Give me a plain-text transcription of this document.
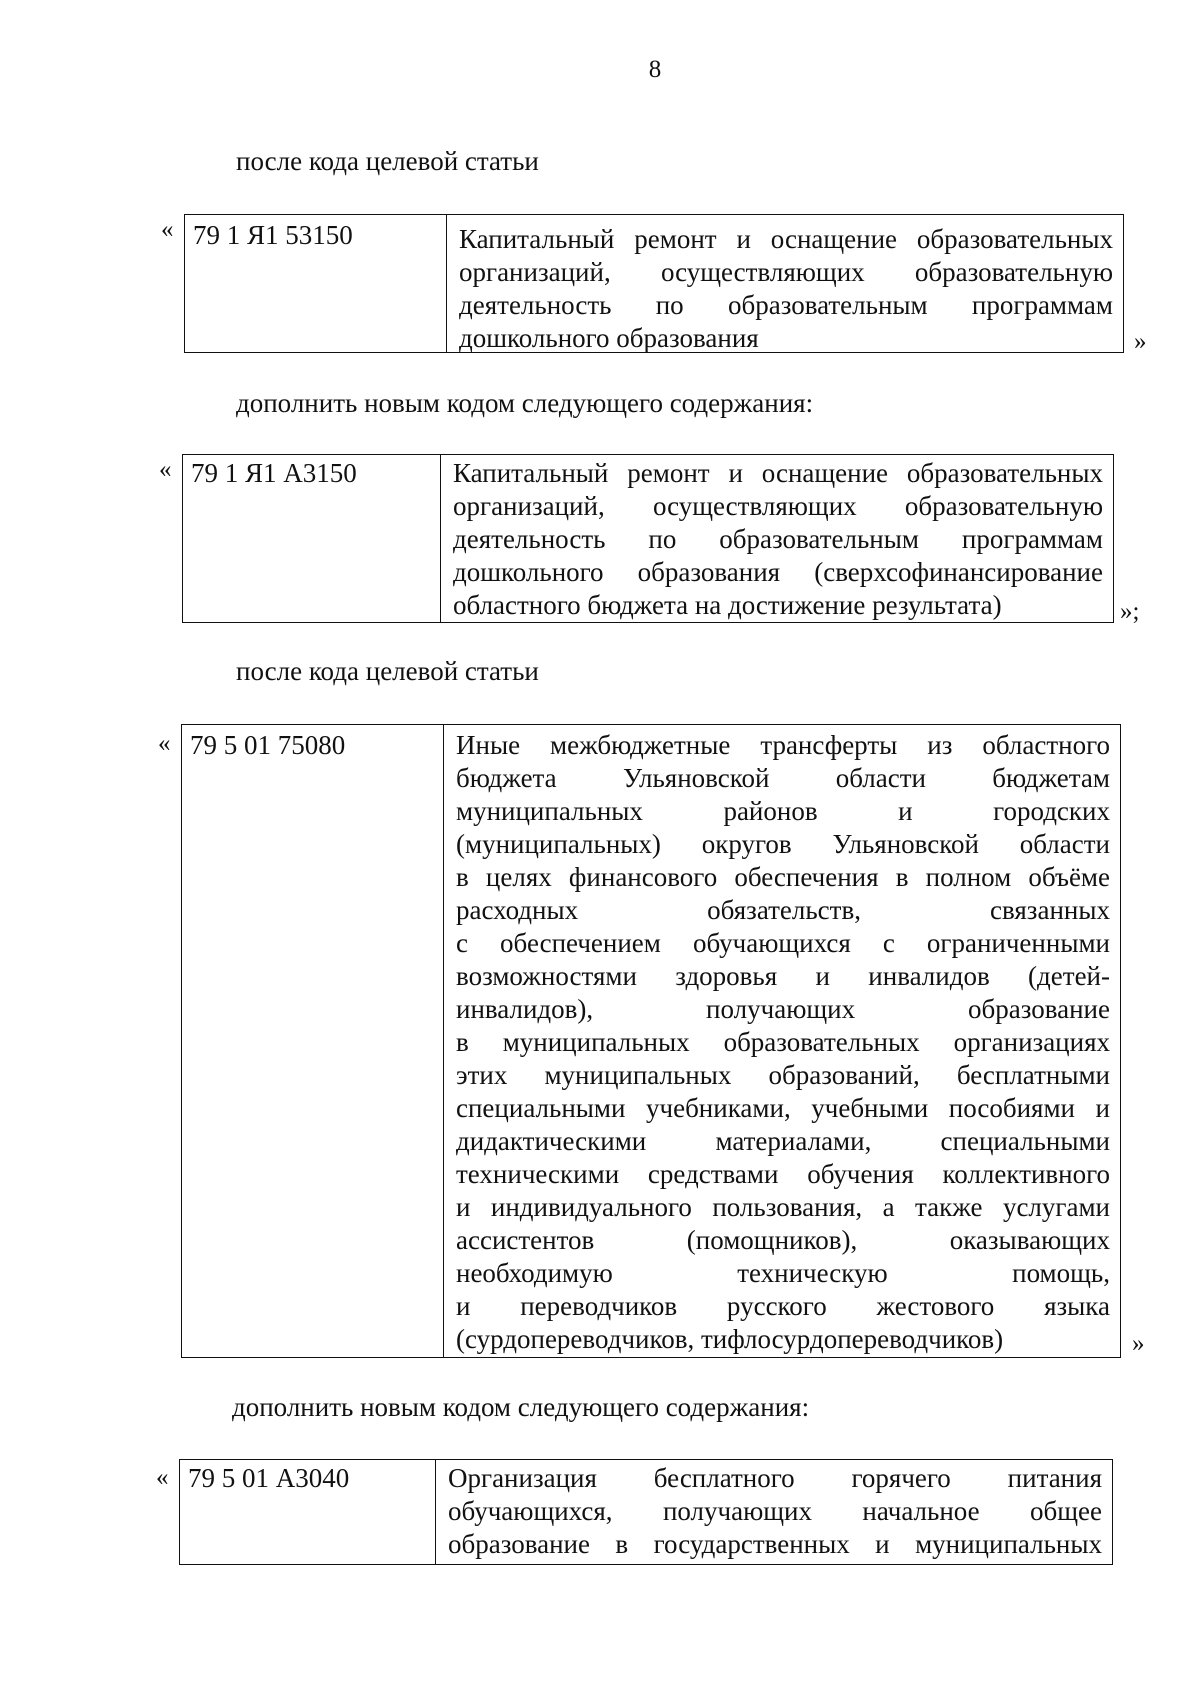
8
после кода целевой статьи
« 79 1 Я1 53150	Капитальный ремонт и оснащение образовательных
организаций, осуществляющих образовательную
деятельность по образовательным программам
дошкольного образования	»
дополнить новым кодом следующего содержания:
« 79 1 Я1 А3150	Капитальный ремонт и оснащение образовательных
организаций, осуществляющих образовательную
деятельность по образовательным программам
дошкольного образования (сверхсофинансирование
областного бюджета на достижение результата)	»;
после кода целевой статьи
« 79 5 01 75080	Иные межбюджетные трансферты из областного
бюджета Ульяновской области бюджетам
муниципальных районов и городских
(муниципальных) округов Ульяновской области
в целях финансового обеспечения в полном объёме
расходных обязательств, связанных
с обеспечением обучающихся с ограниченными
возможностями здоровья и инвалидов (детей-
инвалидов), получающих образование
в муниципальных образовательных организациях
этих муниципальных образований, бесплатными
специальными учебниками, учебными пособиями и
дидактическими материалами, специальными
техническими средствами обучения коллективного
и индивидуального пользования, а также услугами
ассистентов (помощников), оказывающих
необходимую техническую помощь,
и переводчиков русского жестового языка
(сурдопереводчиков, тифлосурдопереводчиков)	»
дополнить новым кодом следующего содержания:
« 79 5 01 А3040	Организация бесплатного горячего питания
обучающихся, получающих начальное общее
образование в государственных и муниципальных
